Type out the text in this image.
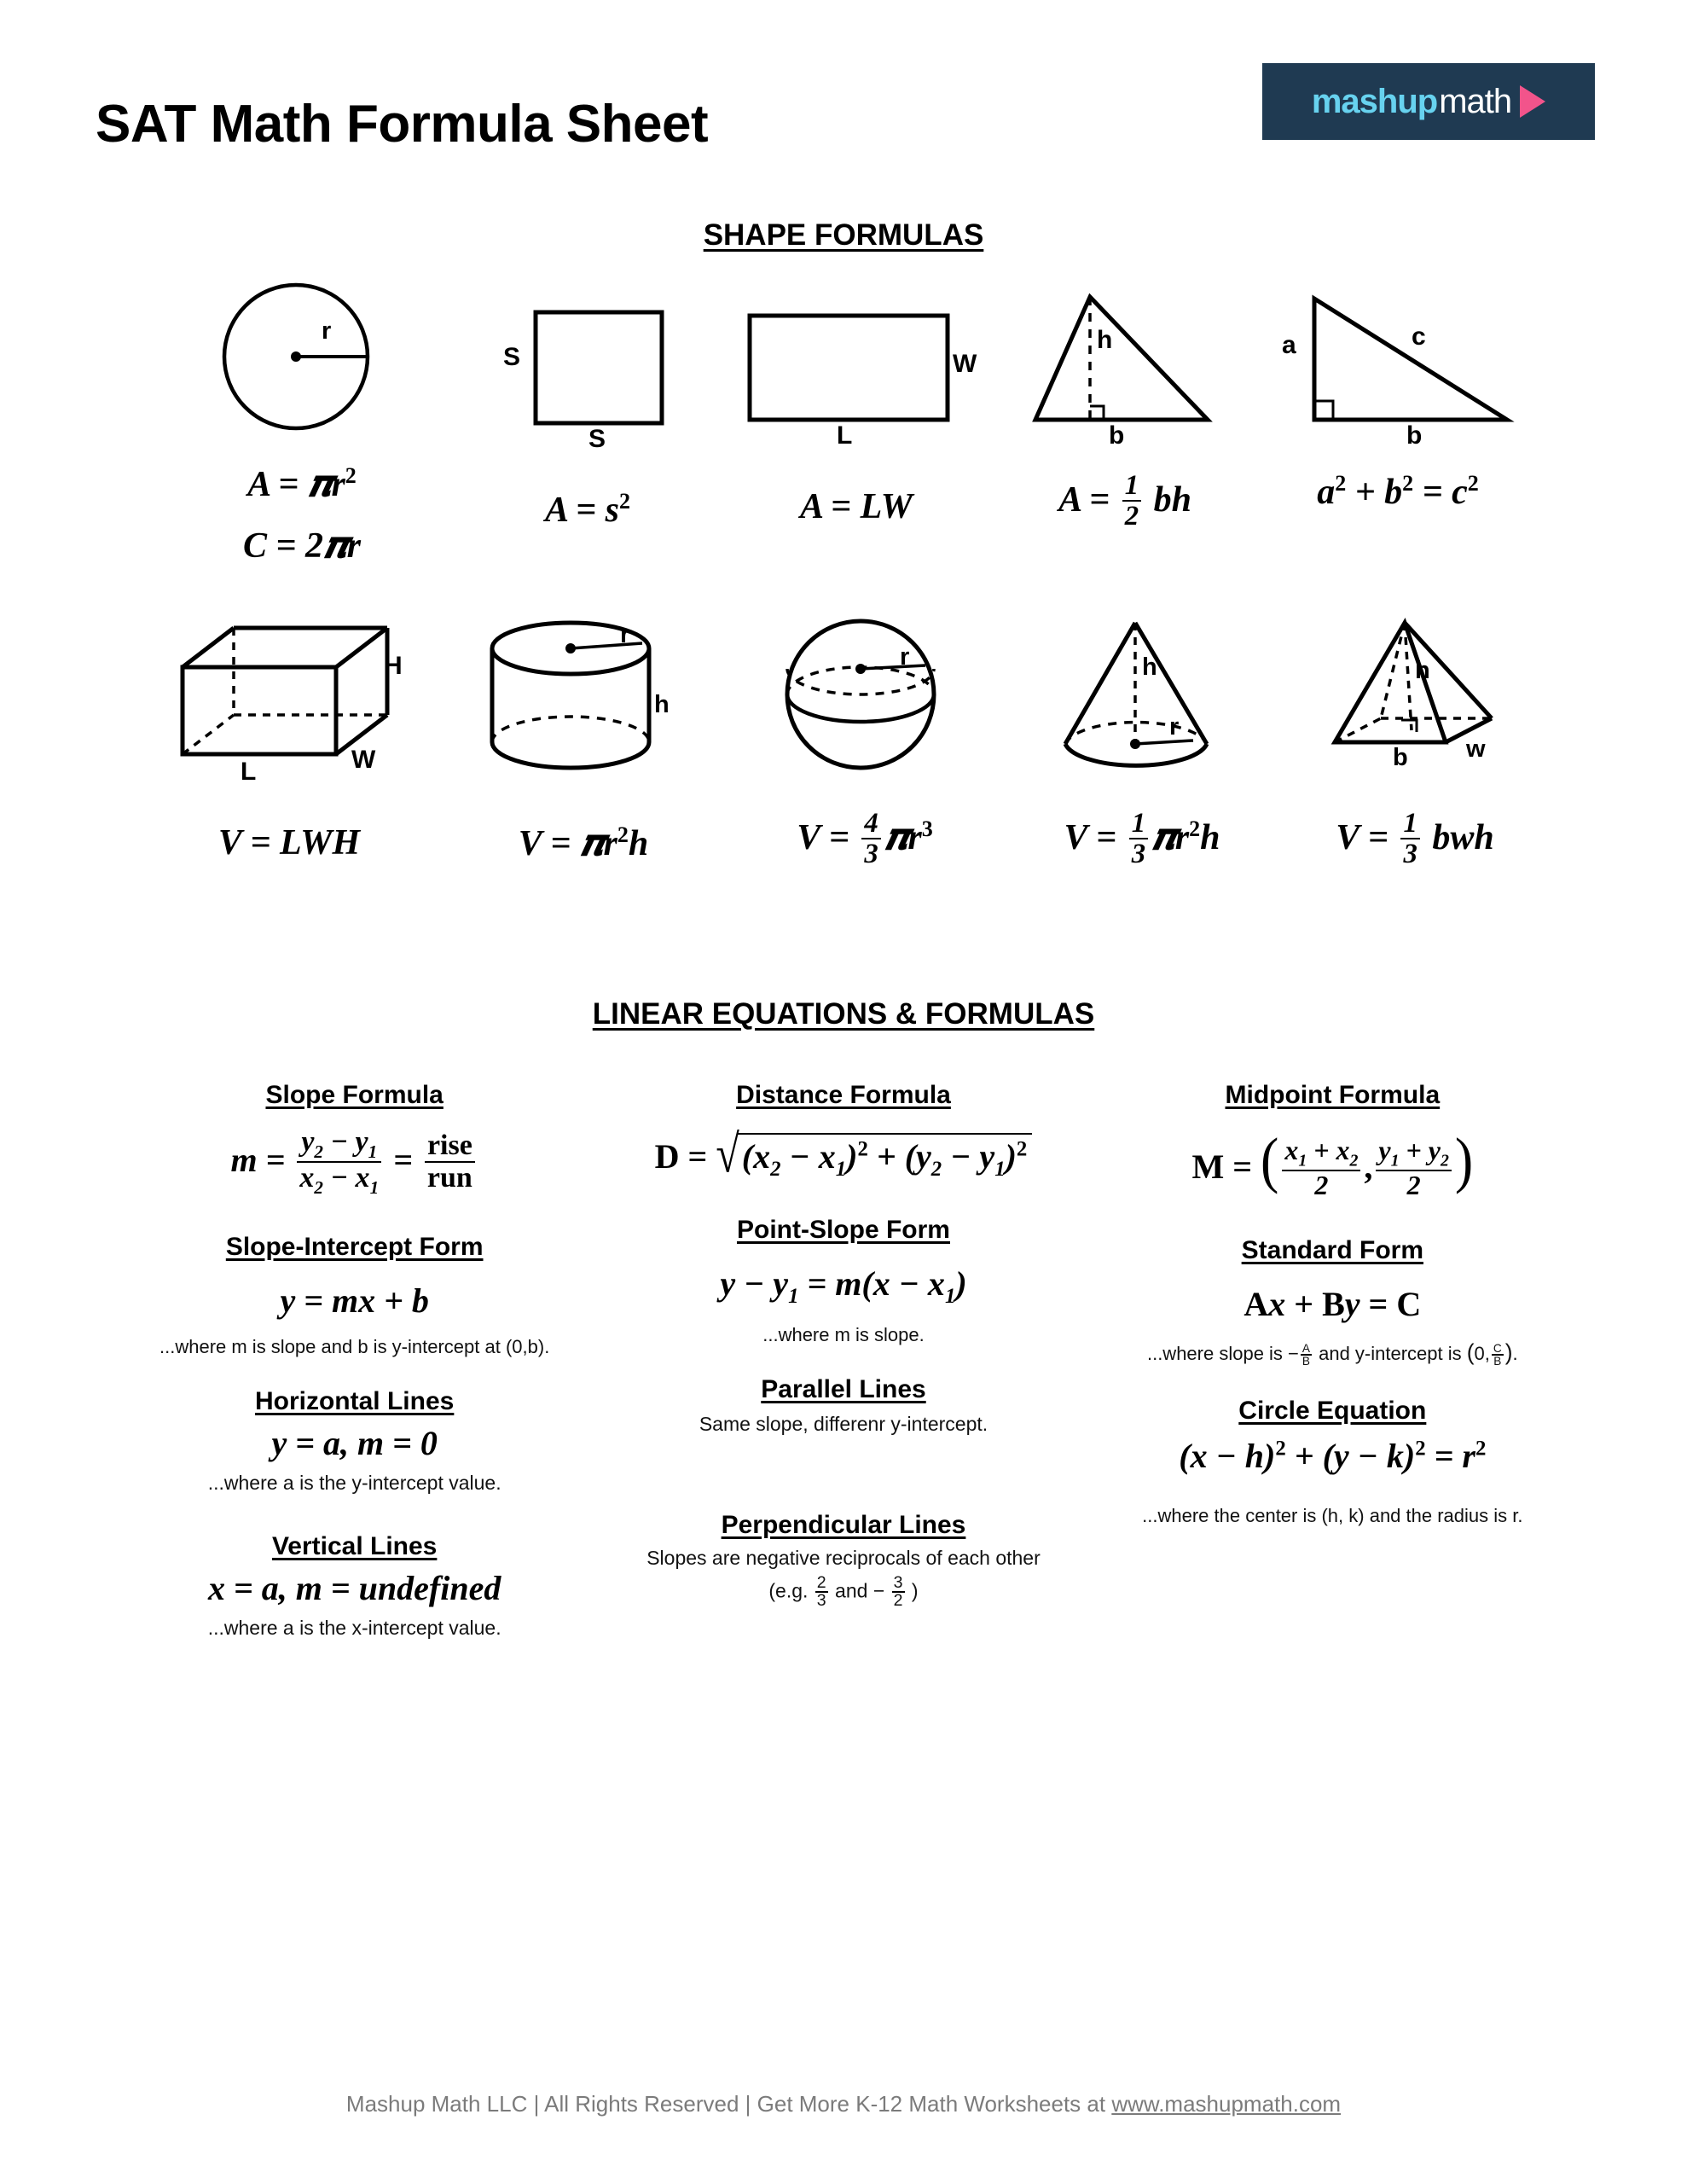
SAT Math Formula Sheet	mashup math
SHAPE FORMULAS
r
A = 𝝅r$^2$
C = 2𝝅r
S
S
$A = s^2$
W
L
A = LW
h
b
$A = \frac{1}{2}$ bh
a	c
b
$a^2 + b^2 = c^2$
H
W
L
V = LWH
r
h
V = 𝝅r$^2$h
r
$V = \frac{4}{3}$ 𝝅r$^3$
h
r
$V = \frac{1}{3}$ 𝝅r$^2$h
h
b w
$V = \frac{1}{3}$ bwh
LINEAR EQUATIONS & FORMULAS
Slope Formula
$m = \frac{y_2 - y_1}{x_2 - x_1} = \frac{\text{rise}}{\text{run}}$
Slope-Intercept Form
y = mx + b
...where m is slope and b is y-intercept at (0,b).
Horizontal Lines
y = a, m = 0
...where a is the y-intercept value.
Vertical Lines
x = a, m = undefined
...where a is the x-intercept value.
Distance Formula
$D = √(x_2 - x_1)^2 + (y_2 - y_1)^2$
Point-Slope Form
$y - y_1 = m(x - x_1)$
...where m is slope.
Parallel Lines
Same slope, differenr y-intercept.
Perpendicular Lines
Slopes are negative reciprocals of each other
(e.g. $\frac{2}{3}$ and − $\frac{3}{2}$ )
Midpoint Formula
M = ( $\frac{x_1 + x_2}{2}$ , $\frac{y_1 + y_2}{2}$ )
Standard Form
Ax + By = C
...where slope is − $\frac{A}{B}$ and y-intercept is (0, $\frac{C}{B}$ ).
Circle Equation
$(x - h)^2 + (y - k)^2 = r^2$
...where the center is (h, k) and the radius is r.
Mashup Math LLC | All Rights Reserved | Get More K-12 Math Worksheets at www.mashupmath.com
